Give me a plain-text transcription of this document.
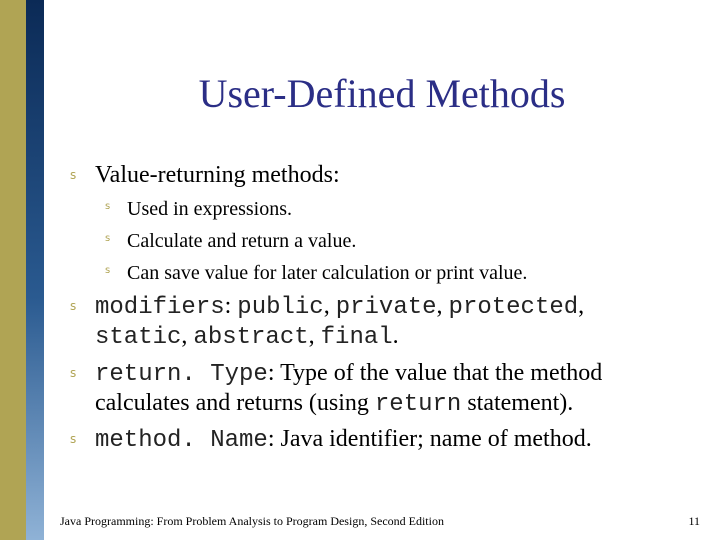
User-Defined Methods
s Value-returning methods:
s Used in expressions.
s Calculate and return a value.
s Can save value for later calculation or print value.
s modifiers: public, private, protected,
static, abstract, final.
s return. Type: Type of the value that the method
calculates and returns (using return statement).
s method. Name: Java identifier; name of method.
Java Programming: From Problem Analysis to Program Design, Second Edition	11
